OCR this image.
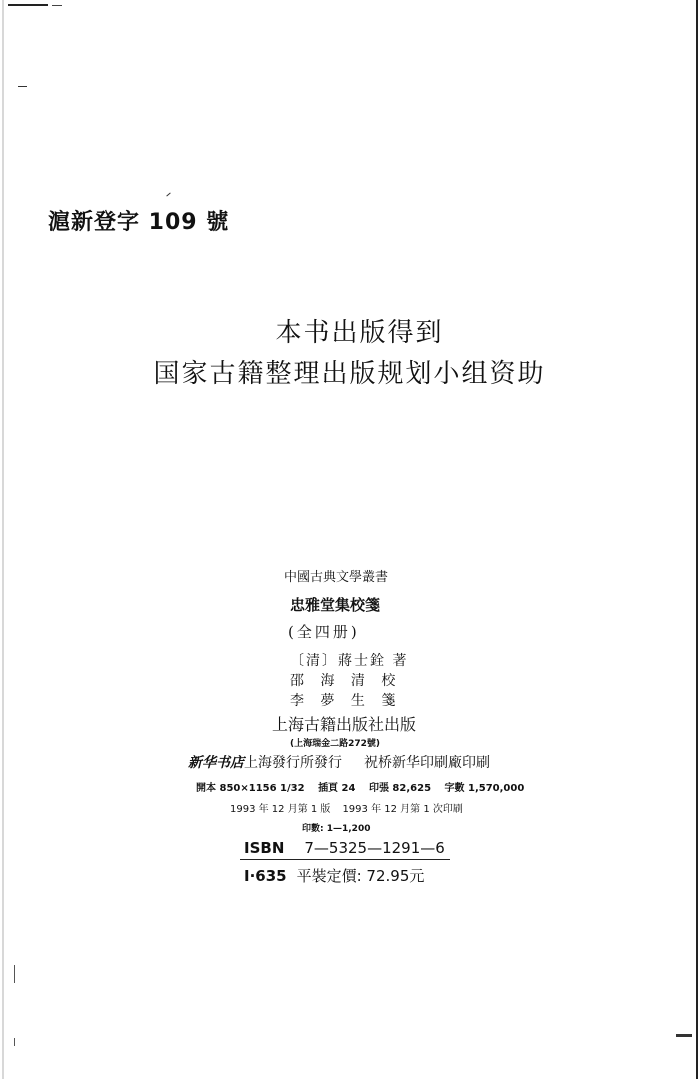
滬新登字 109 號
本书出版得到
国家古籍整理出版规划小组资助
中國古典文學叢書
忠雅堂集校箋
(全四册)
〔清〕蔣士銓 著
邵 海 清 校
李 夢 生 箋
上海古籍出版社出版
(上海瑞金二路272號)
新华书店上海發行所發行 祝桥新华印刷廠印刷
開本 850×1156 1/32 插頁 24 印張 82,625 字數 1,570,000
1993 年 12 月第 1 版 1993 年 12 月第 1 次印刷
印數: 1—1,200
ISBN 7—5325—1291—6
I·635 平裝定價: 72.95元
